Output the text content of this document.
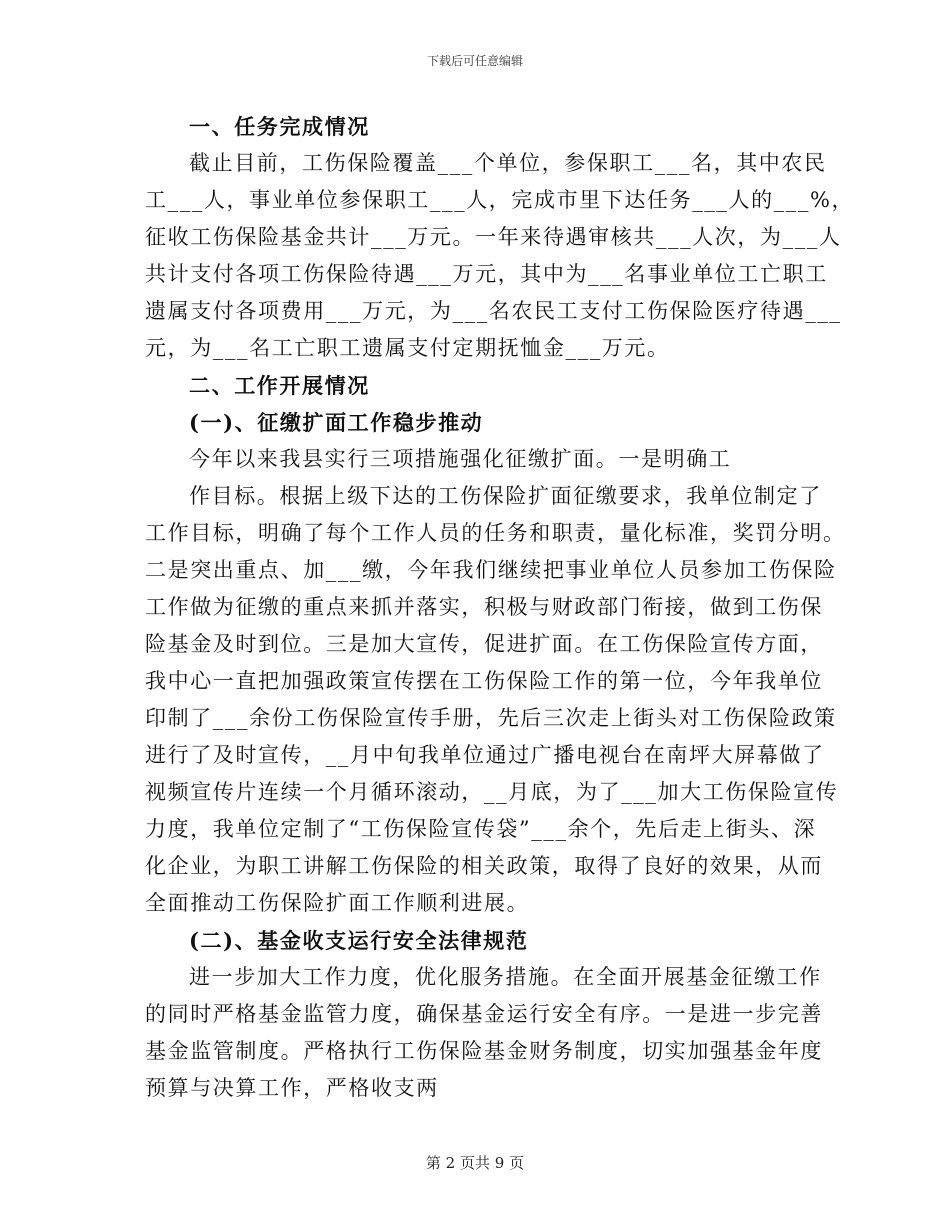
下载后可任意编辑

一、任务完成情况

截止目前，工伤保险覆盖___个单位，参保职工___名，其中农民

工___人，事业单位参保职工___人，完成市里下达任务___人的___%，

征收工伤保险基金共计___万元。一年来待遇审核共___人次，为___人

共计支付各项工伤保险待遇___万元，其中为___名事业单位工亡职工

遗属支付各项费用___万元，为___名农民工支付工伤保险医疗待遇___

元，为___名工亡职工遗属支付定期抚恤金___万元。

二、工作开展情况

(一)、征缴扩面工作稳步推动

今年以来我县实行三项措施强化征缴扩面。一是明确工

作目标。根据上级下达的工伤保险扩面征缴要求，我单位制定了

工作目标，明确了每个工作人员的任务和职责，量化标准，奖罚分明。

二是突出重点、加___缴，今年我们继续把事业单位人员参加工伤保险

工作做为征缴的重点来抓并落实，积极与财政部门衔接，做到工伤保

险基金及时到位。三是加大宣传，促进扩面。在工伤保险宣传方面，

我中心一直把加强政策宣传摆在工伤保险工作的第一位，今年我单位

印制了___余份工伤保险宣传手册，先后三次走上街头对工伤保险政策

进行了及时宣传，__月中旬我单位通过广播电视台在南坪大屏幕做了

视频宣传片连续一个月循环滚动，__月底，为了___加大工伤保险宣传

力度，我单位定制了“工伤保险宣传袋”___余个，先后走上街头、深

化企业，为职工讲解工伤保险的相关政策，取得了良好的效果，从而

全面推动工伤保险扩面工作顺利进展。

(二)、基金收支运行安全法律规范

进一步加大工作力度，优化服务措施。在全面开展基金征缴工作

的同时严格基金监管力度，确保基金运行安全有序。一是进一步完善

基金监管制度。严格执行工伤保险基金财务制度，切实加强基金年度

预算与决算工作，严格收支两

第 2 页共 9 页
